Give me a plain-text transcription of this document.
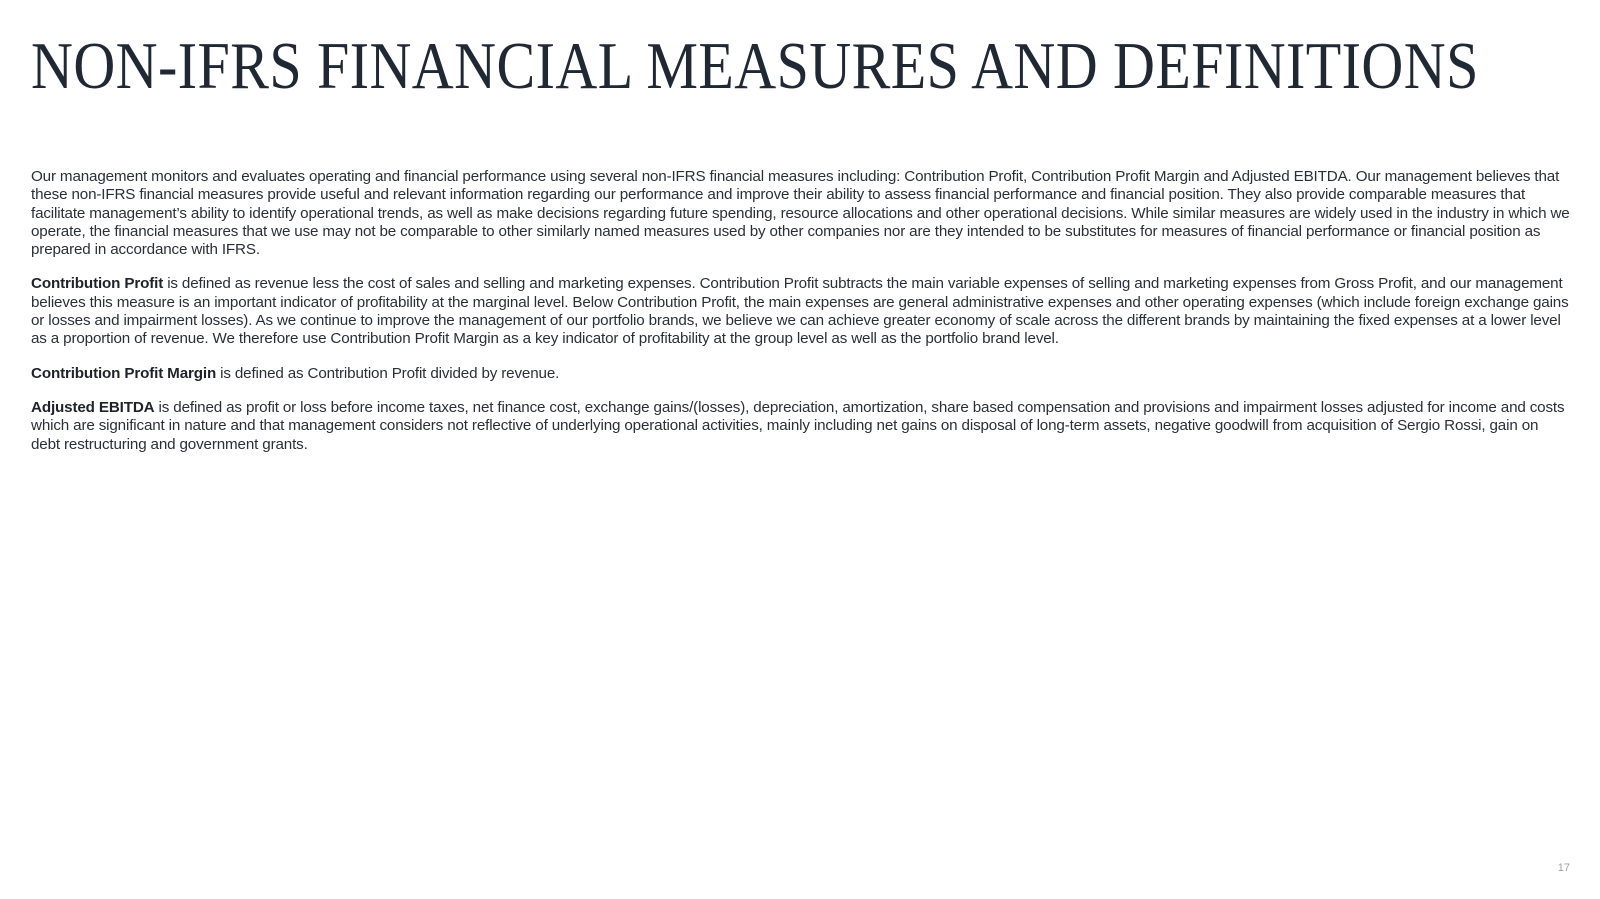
NON-IFRS FINANCIAL MEASURES AND DEFINITIONS

Our management monitors and evaluates operating and financial performance using several non-IFRS financial measures including: Contribution Profit, Contribution Profit Margin and Adjusted EBITDA. Our management believes that these non-IFRS financial measures provide useful and relevant information regarding our performance and improve their ability to assess financial performance and financial position. They also provide comparable measures that facilitate management’s ability to identify operational trends, as well as make decisions regarding future spending, resource allocations and other operational decisions. While similar measures are widely used in the industry in which we operate, the financial measures that we use may not be comparable to other similarly named measures used by other companies nor are they intended to be substitutes for measures of financial performance or financial position as prepared in accordance with IFRS.

Contribution Profit is defined as revenue less the cost of sales and selling and marketing expenses. Contribution Profit subtracts the main variable expenses of selling and marketing expenses from Gross Profit, and our management believes this measure is an important indicator of profitability at the marginal level. Below Contribution Profit, the main expenses are general administrative expenses and other operating expenses (which include foreign exchange gains or losses and impairment losses). As we continue to improve the management of our portfolio brands, we believe we can achieve greater economy of scale across the different brands by maintaining the fixed expenses at a lower level as a proportion of revenue. We therefore use Contribution Profit Margin as a key indicator of profitability at the group level as well as the portfolio brand level.

Contribution Profit Margin is defined as Contribution Profit divided by revenue.

Adjusted EBITDA is defined as profit or loss before income taxes, net finance cost, exchange gains/(losses), depreciation, amortization, share based compensation and provisions and impairment losses adjusted for income and costs which are significant in nature and that management considers not reflective of underlying operational activities, mainly including net gains on disposal of long-term assets, negative goodwill from acquisition of Sergio Rossi, gain on debt restructuring and government grants.

17
